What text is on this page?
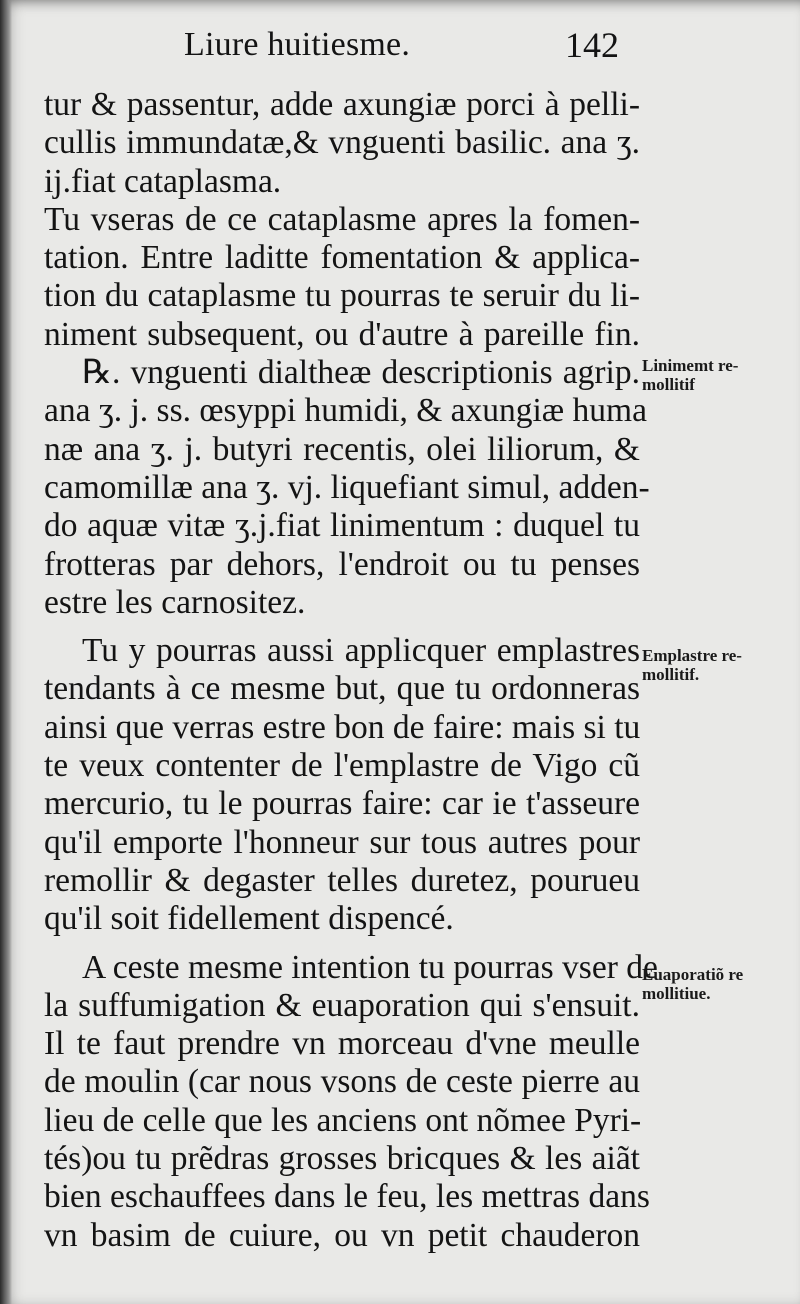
Liure huitiesme.	142
tur & passentur, adde axungiæ porci à pelli-
cullis immundatæ,& vnguenti basilic. ana ʒ.
ij.fiat cataplasma.
Tu vseras de ce cataplasme apres la fomen-
tation. Entre laditte fomentation & applica-
tion du cataplasme tu pourras te seruir du li-
niment subsequent, ou d'autre à pareille fin.
℞. vnguenti dialtheæ descriptionis agrip.
ana ʒ. j. ss. œsyppi humidi, & axungiæ huma
næ ana ʒ. j. butyri recentis, olei liliorum, &
camomillæ ana ʒ. vj. liquefiant simul, adden-
do aquæ vitæ ʒ.j.fiat linimentum : duquel tu
frotteras par dehors, l'endroit ou tu penses
estre les carnositez.
Tu y pourras aussi applicquer emplastres
tendants à ce mesme but, que tu ordonneras
ainsi que verras estre bon de faire: mais si tu
te veux contenter de l'emplastre de Vigo cũ
mercurio, tu le pourras faire: car ie t'asseure
qu'il emporte l'honneur sur tous autres pour
remollir & degaster telles duretez, pourueu
qu'il soit fidellement dispencé.
A ceste mesme intention tu pourras vser de
la suffumigation & euaporation qui s'ensuit.
Il te faut prendre vn morceau d'vne meulle
de moulin (car nous vsons de ceste pierre au
lieu de celle que les anciens ont nõmee Pyri-
tés)ou tu prẽdras grosses bricques & les aiãt
bien eschauffees dans le feu, les mettras dans
vn basim de cuiure, ou vn petit chauderon
Linimemt re-
mollitif
Emplastre re-
mollitif.
Euaporatiõ re
mollitiue.
